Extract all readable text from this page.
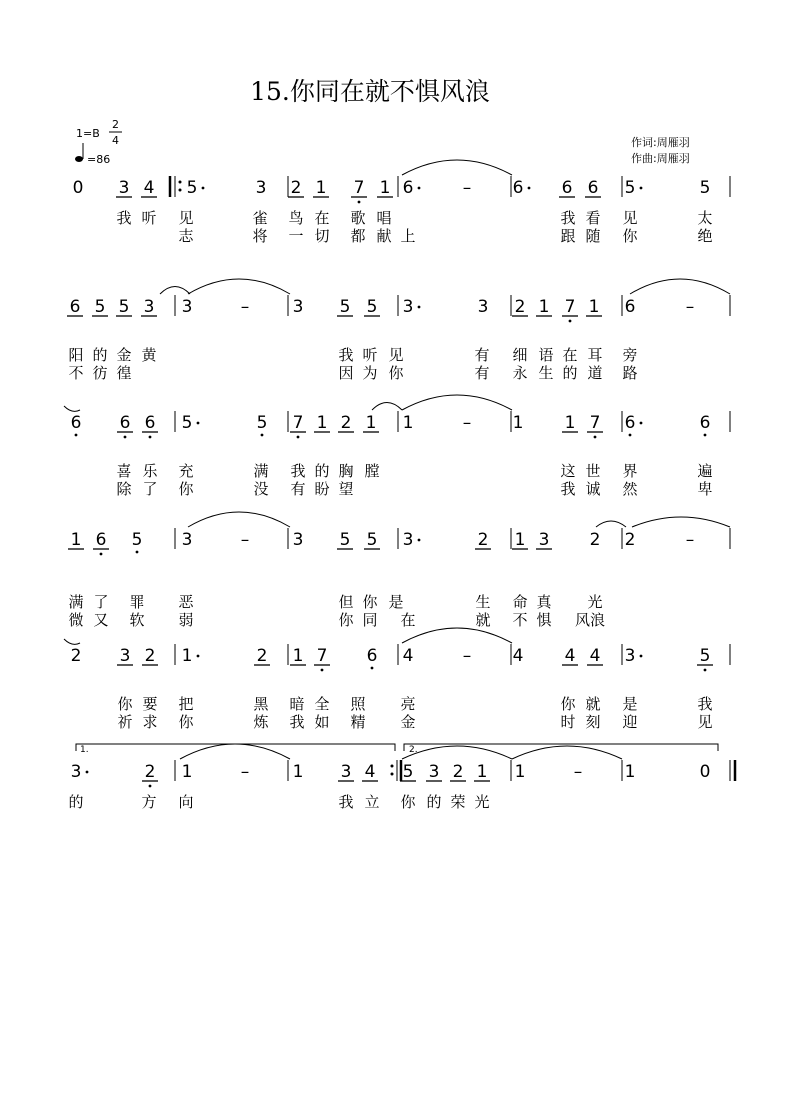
15.你同在就不惧风浪
1=B
2
4
=86
作词:周雁羽
作曲:周雁羽
0 3 4 5	3 2 1 7 1 6	– 6 6 6 5	5
我 听 见	雀 鸟 在 歌 唱	我 看 见	太
志	将 一 切 都 献 上	跟 随 你	绝
6 5 5 3 3	–	3 5 5 3	3 2 1 7 1 6	–
阳 的 金 黄	我 听 见	有 细 语 在 耳 旁
不 彷 徨	因 为 你	有 永 生 的 道 路
6 6 6 5	5 7 1 2 1 1	– 1 1 7 6	6
喜 乐 充	满 我 的 胸 膛	这 世 界	遍
除 了 你	没 有 盼 望	我 诚 然	卑
1 6 5 3	–	3 5 5 3	2 1 3 2 2	–
满 了 罪 恶	但 你 是	生 命 真 光
微 又 软 弱	你 同 在	就 不 惧 风浪
2 3 2 1	2 1 7 6 4	– 4 4 4 3	5
你 要 把	黑 暗 全 照 亮	你 就 是	我
祈 求 你	炼 我 如 精 金	时 刻 迎	见
3	2 1	–	1 3 4 5 3 2 1 1	– 1	0
的	方 向	我 立 你 的 荣 光
1.	2.
